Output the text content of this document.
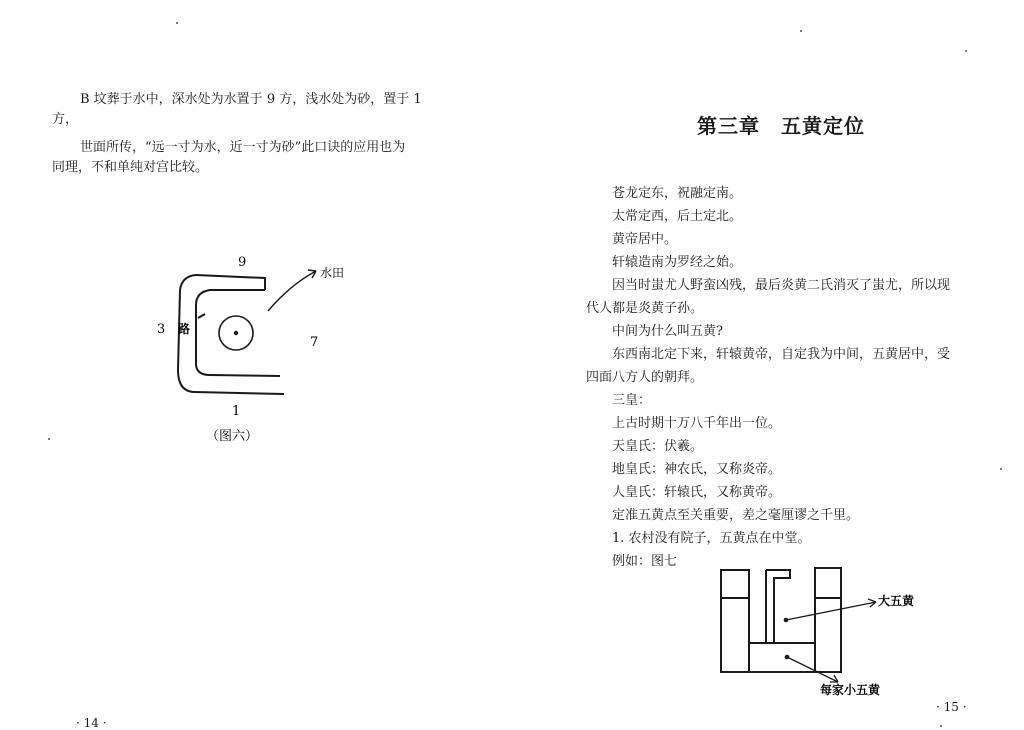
B 坟葬于水中，深水处为水置于 9 方，浅水处为砂，置于 1

方，

世面所传，“远一寸为水，近一寸为砂”此口诀的应用也为

同理，不和单纯对宫比较。

9
3
7
1
路
水田
（图六）
· 14 ·
第三章　五黄定位

苍龙定东，祝融定南。

太常定西，后土定北。

黄帝居中。

轩辕造南为罗经之始。

因当时蚩尤人野蛮凶残，最后炎黄二氏消灭了蚩尤，所以现

代人都是炎黄子孙。

中间为什么叫五黄?

东西南北定下来，轩辕黄帝，自定我为中间，五黄居中，受

四面八方人的朝拜。

三皇：

上古时期十万八千年出一位。

天皇氏：伏羲。

地皇氏：神农氏，又称炎帝。

人皇氏：轩辕氏，又称黄帝。

定准五黄点至关重要，差之毫厘谬之千里。

1. 农村没有院子，五黄点在中堂。

例如：图七

大五黄
每家小五黄
· 15 ·
